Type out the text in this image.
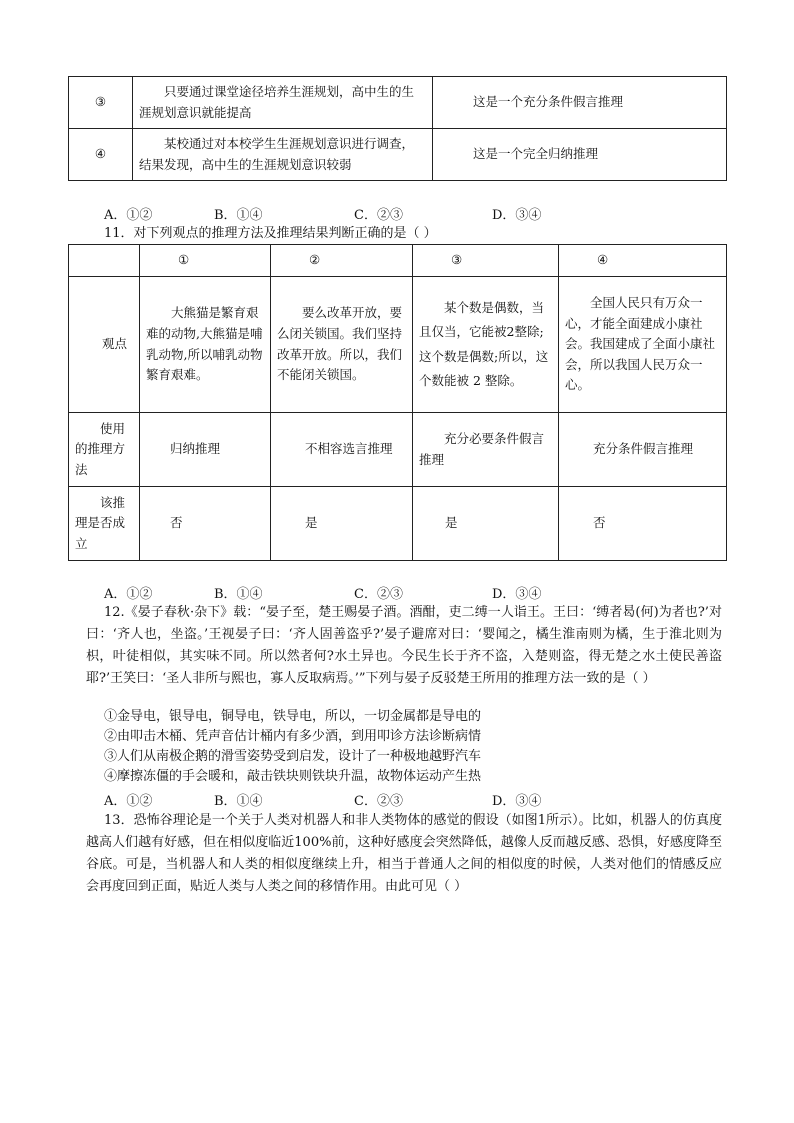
③	只要通过课堂途径培养生涯规划，高中生的生涯规划意识就能提高	这是一个充分条件假言推理
④	某校通过对本校学生生涯规划意识进行调查，结果发现，高中生的生涯规划意识较弱	这是一个完全归纳推理
A．①②	B．①④	C．②③	D．③④
11．对下列观点的推理方法及推理结果判断正确的是（ ）
	①	②	③	④
观点	大熊猫是繁育艰难的动物,大熊猫是哺乳动物,所以哺乳动物繁育艰难。	要么改革开放，要么闭关锁国。我们坚持改革开放。所以，我们不能闭关锁国。	某个数是偶数，当且仅当，它能被2整除;这个数是偶数;所以，这个数能被 2 整除。	全国人民只有万众一心，才能全面建成小康社会。我国建成了全面小康社会，所以我国人民万众一心。
使用的推理方法	归纳推理	不相容选言推理	充分必要条件假言推理	充分条件假言推理
该推理是否成立	否	是	是	否
A．①②	B．①④	C．②③	D．③④
12.《晏子春秋·杂下》载：“晏子至，楚王赐晏子酒。酒酣，吏二缚一人诣王。王曰：‘缚者曷(何)为者也?’对曰：‘齐人也，坐盗。’王视晏子曰：‘齐人固善盗乎?’晏子避席对曰：‘婴闻之，橘生淮南则为橘，生于淮北则为枳，叶徒相似，其实味不同。所以然者何?水土异也。今民生长于齐不盗，入楚则盗，得无楚之水土使民善盗耶?’王笑曰：‘圣人非所与熙也，寡人反取病焉。’”下列与晏子反驳楚王所用的推理方法一致的是（ ）
①金导电，银导电，铜导电，铁导电，所以，一切金属都是导电的
②由叩击木桶、凭声音估计桶内有多少酒，到用叩诊方法诊断病情
③人们从南极企鹅的滑雪姿势受到启发，设计了一种极地越野汽车
④摩擦冻僵的手会暖和，敲击铁块则铁块升温，故物体运动产生热
A．①②	B．①④	C．②③	D．③④
13．恐怖谷理论是一个关于人类对机器人和非人类物体的感觉的假设（如图1所示）。比如，机器人的仿真度越高人们越有好感，但在相似度临近100%前，这种好感度会突然降低，越像人反而越反感、恐惧，好感度降至谷底。可是，当机器人和人类的相似度继续上升，相当于普通人之间的相似度的时候，人类对他们的情感反应会再度回到正面，贴近人类与人类之间的移情作用。由此可见（ ）
